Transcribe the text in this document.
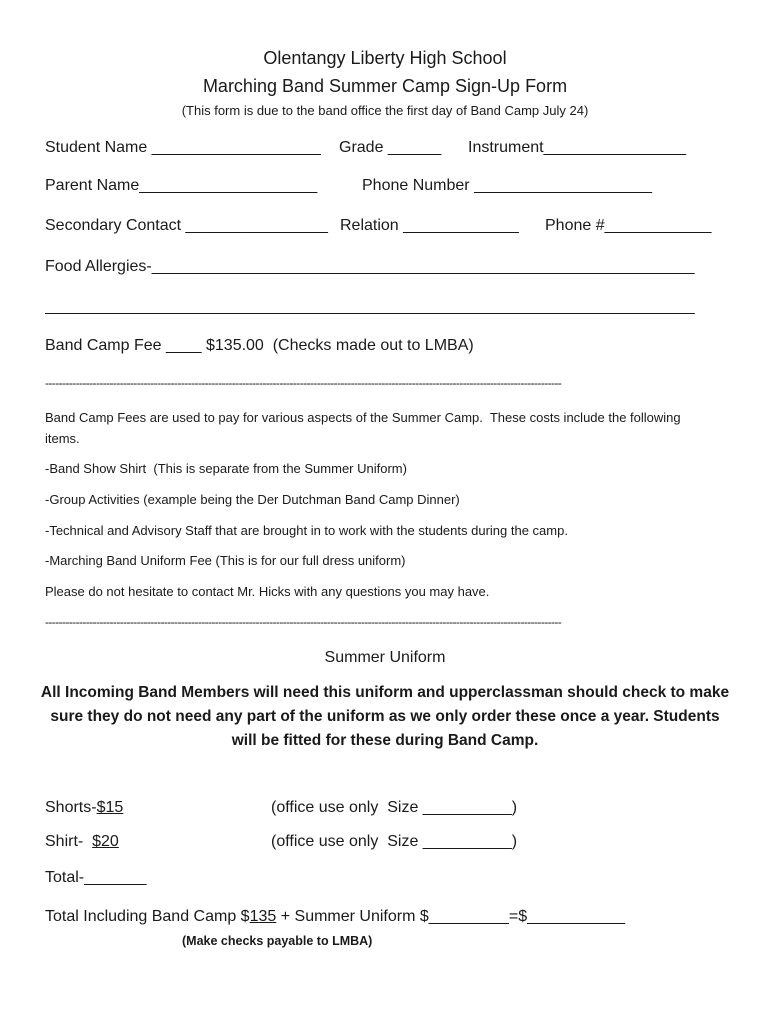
Olentangy Liberty High School
Marching Band Summer Camp Sign-Up Form
(This form is due to the band office the first day of Band Camp July 24)
Student Name ___________________ Grade ______ Instrument________________
Parent Name____________________	Phone Number ____________________
Secondary Contact ________________ Relation _____________ Phone #____________
Food Allergies-_____________________________________________________________
_________________________________________________________________________
Band Camp Fee ____ $135.00  (Checks made out to LMBA)
--------------------------------------------------------------------------------------------------------------------------------------------------------
Band Camp Fees are used to pay for various aspects of the Summer Camp.  These costs include the following
items.
-Band Show Shirt  (This is separate from the Summer Uniform)
-Group Activities (example being the Der Dutchman Band Camp Dinner)
-Technical and Advisory Staff that are brought in to work with the students during the camp.
-Marching Band Uniform Fee (This is for our full dress uniform)
Please do not hesitate to contact Mr. Hicks with any questions you may have.
--------------------------------------------------------------------------------------------------------------------------------------------------------
Summer Uniform
All Incoming Band Members will need this uniform and upperclassman should check to make sure they do not need any part of the uniform as we only order these once a year. Students will be fitted for these during Band Camp.
Shorts-$15	(office use only  Size __________)
Shirt-  $20	(office use only  Size __________)
Total-_______
Total Including Band Camp $135 + Summer Uniform $_________=$___________
(Make checks payable to LMBA)
